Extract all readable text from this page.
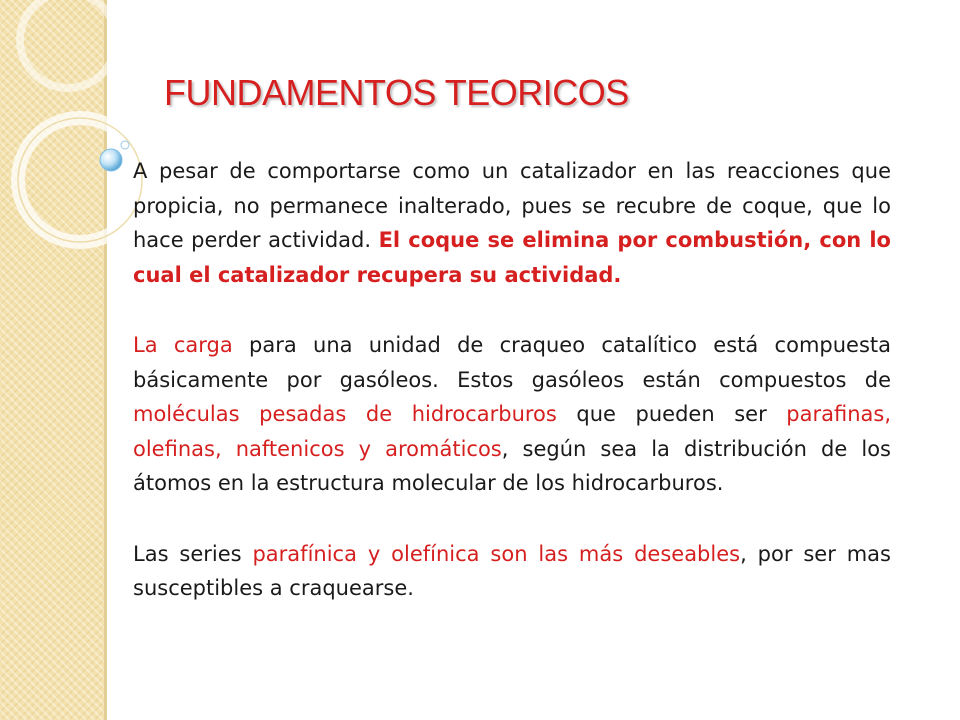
FUNDAMENTOS TEORICOS

A pesar de comportarse como un catalizador en las reacciones que propicia, no permanece inalterado, pues se recubre de coque, que lo hace perder actividad. El coque se elimina por combustión, con lo cual el catalizador recupera su actividad.

La carga para una unidad de craqueo catalítico está compuesta básicamente por gasóleos. Estos gasóleos están compuestos de moléculas pesadas de hidrocarburos que pueden ser parafinas, olefinas, naftenicos y aromáticos, según sea la distribución de los átomos en la estructura molecular de los hidrocarburos.

Las series parafínica y olefínica son las más deseables, por ser mas susceptibles a craquearse.
